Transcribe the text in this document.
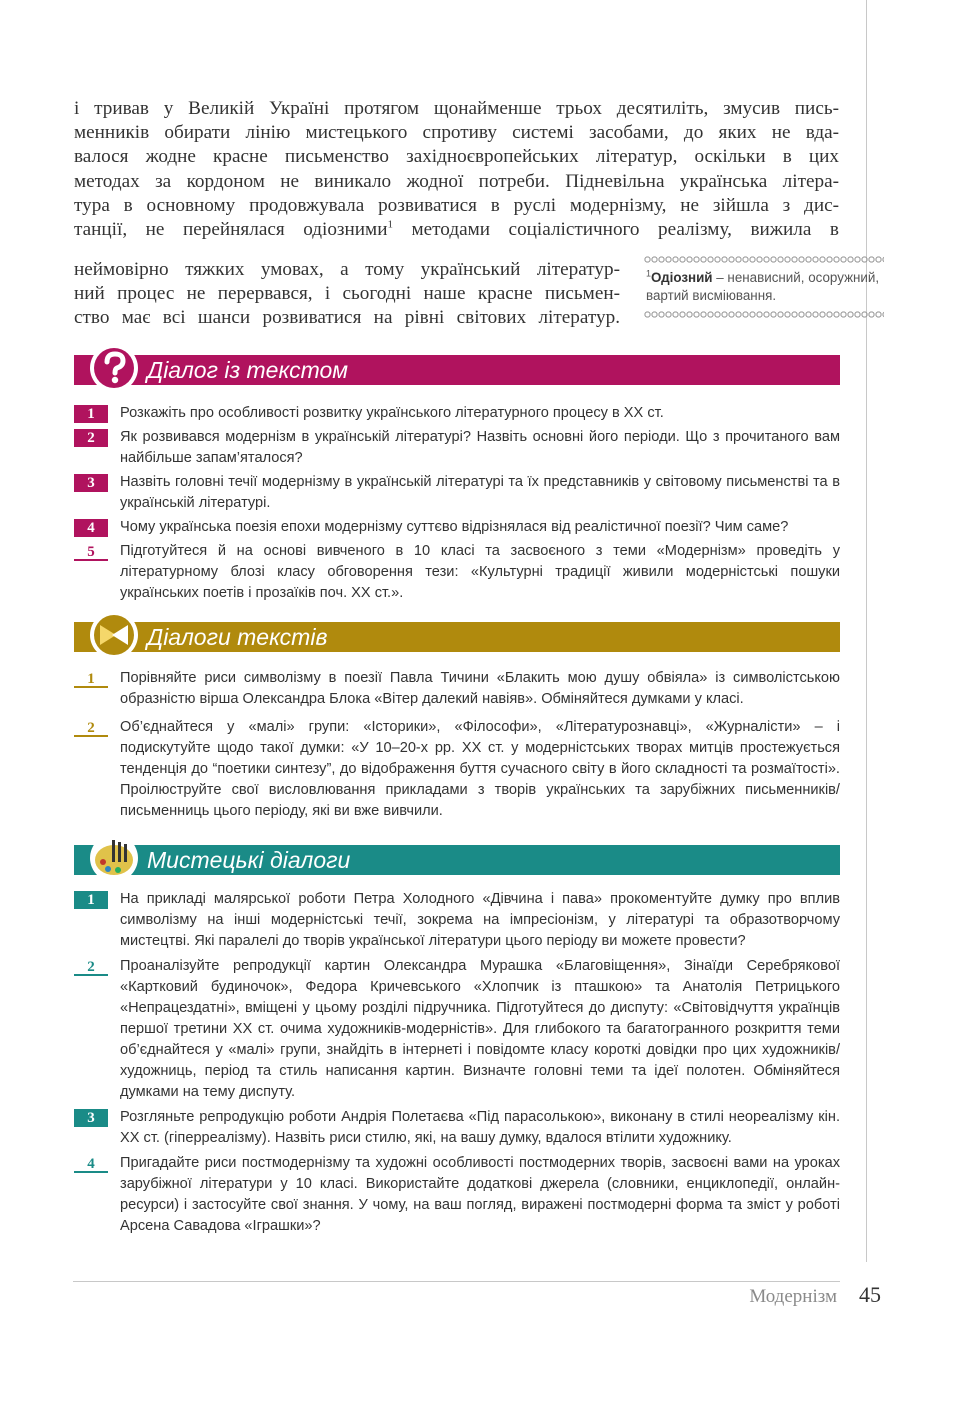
і тривав у Великій Україні протягом щонайменше трьох десятиліть, змусив пись-
менників обирати лінію мистецького спротиву системі засобами, до яких не вда-
валося жодне красне письменство західноєвропейських літератур, оскільки в цих
методах за кордоном не виникало жодної потреби. Підневільна українська літера-
тура в основному продовжувала розвиватися в руслі модернізму, не зійшла з дис-
танції, не перейнялася одіозними$^1$ методами соціалістичного реалізму, вижила в
неймовірно тяжких умовах, а тому український літератур-
ний процес не перервався, і сьогодні наше красне письмен-
ство має всі шанси розвиватися на рівні світових літератур.
$^1$Одіозний – ненависний, осоружний, вартий висміювання.
Діалог із текстом
1	Розкажіть про особливості розвитку українського літературного процесу в ХХ ст.
2	Як розвивався модернізм в українській літературі? Назвіть основні його періоди. Що з прочитаного вам найбільше запам’яталося?
3	Назвіть головні течії модернізму в українській літературі та їх представників у світовому письменстві та в українській літературі.
4	Чому українська поезія епохи модернізму суттєво відрізнялася від реалістичної поезії? Чим саме?
5	Підготуйтеся й на основі вивченого в 10 класі та засвоєного з теми «Модернізм» проведіть у літературному блозі класу обговорення тези: «Культурні традиції живили модерністські пошуки українських поетів і прозаїків поч. ХХ ст.».
Діалоги текстів
1	Порівняйте риси символізму в поезії Павла Тичини «Блакить мою душу обвіяла» із символістською образністю вірша Олександра Блока «Вітер далекий навіяв». Обміняйтеся думками у класі.
2	Об’єднайтеся у «малі» групи: «Історики», «Філософи», «Літературознавці», «Журналісти» – і подискутуйте щодо такої думки: «У 10–20-х рр. ХХ ст. у модерністських творах митців простежується тенденція до “поетики синтезу”, до відображення буття сучасного світу в його складності та розмаїтості». Проілюструйте свої висловлювання прикладами з творів українських та зарубіжних письменників/письменниць цього періоду, які ви вже вивчили.
Мистецькі діалоги
1	На прикладі малярської роботи Петра Холодного «Дівчина і пава» прокоментуйте думку про вплив символізму на інші модерністські течії, зокрема на імпресіонізм, у літературі та образотворчому мистецтві. Які паралелі до творів української літератури цього періоду ви можете провести?
2	Проаналізуйте репродукції картин Олександра Мурашка «Благовіщення», Зінаїди Серебрякової «Картковий будиночок», Федора Кричевського «Хлопчик із пташкою» та Анатолія Петрицького «Непрацездатні», вміщені у цьому розділі підручника. Підготуйтеся до диспуту: «Світовідчуття українців першої третини ХХ ст. очима художників-модерністів». Для глибокого та багатогранного розкриття теми об’єднайтеся у «малі» групи, знайдіть в інтернеті і повідомте класу короткі довідки про цих художників/художниць, період та стиль написання картин. Визначте головні теми та ідеї полотен. Обміняйтеся думками на тему диспуту.
3	Розгляньте репродукцію роботи Андрія Полетаєва «Під парасолькою», виконану в стилі неореалізму кін. ХХ ст. (гіперреалізму). Назвіть риси стилю, які, на вашу думку, вдалося втілити художнику.
4	Пригадайте риси постмодернізму та художні особливості постмодерних творів, засвоєні вами на уроках зарубіжної літератури у 10 класі. Використайте додаткові джерела (словники, енциклопедії, онлайн-ресурси) і застосуйте свої знання. У чому, на ваш погляд, виражені постмодерні форма та зміст у роботі Арсена Савадова «Іграшки»?
Модернізм 45
